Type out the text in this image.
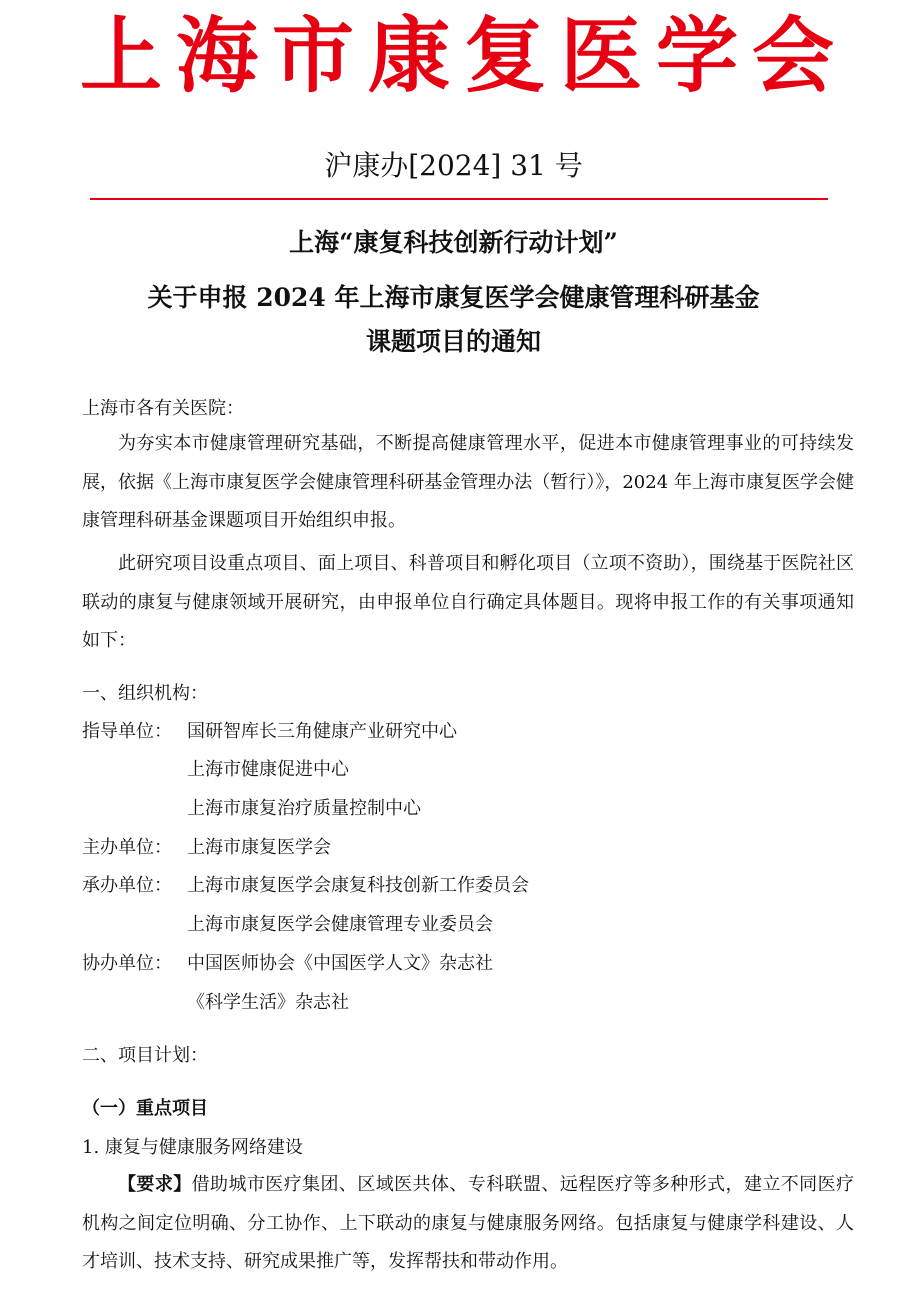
上海市康复医学会
沪康办[2024] 31 号
上海“康复科技创新行动计划”
关于申报 2024 年上海市康复医学会健康管理科研基金
课题项目的通知
上海市各有关医院：

为夯实本市健康管理研究基础，不断提高健康管理水平，促进本市健康管理事业的可持续发展，依据《上海市康复医学会健康管理科研基金管理办法（暂行）》，2024 年上海市康复医学会健康管理科研基金课题项目开始组织申报。

此研究项目设重点项目、面上项目、科普项目和孵化项目（立项不资助），围绕基于医院社区联动的康复与健康领域开展研究，由申报单位自行确定具体题目。现将申报工作的有关事项通知如下：

一、组织机构：
指导单位： 国研智库长三角健康产业研究中心
上海市健康促进中心
上海市康复治疗质量控制中心
主办单位： 上海市康复医学会
承办单位： 上海市康复医学会康复科技创新工作委员会
上海市康复医学会健康管理专业委员会
协办单位： 中国医师协会《中国医学人文》杂志社
《科学生活》杂志社
二、项目计划：
（一）重点项目
1. 康复与健康服务网络建设

【要求】借助城市医疗集团、区域医共体、专科联盟、远程医疗等多种形式，建立不同医疗机构之间定位明确、分工协作、上下联动的康复与健康服务网络。包括康复与健康学科建设、人才培训、技术支持、研究成果推广等，发挥帮扶和带动作用。
